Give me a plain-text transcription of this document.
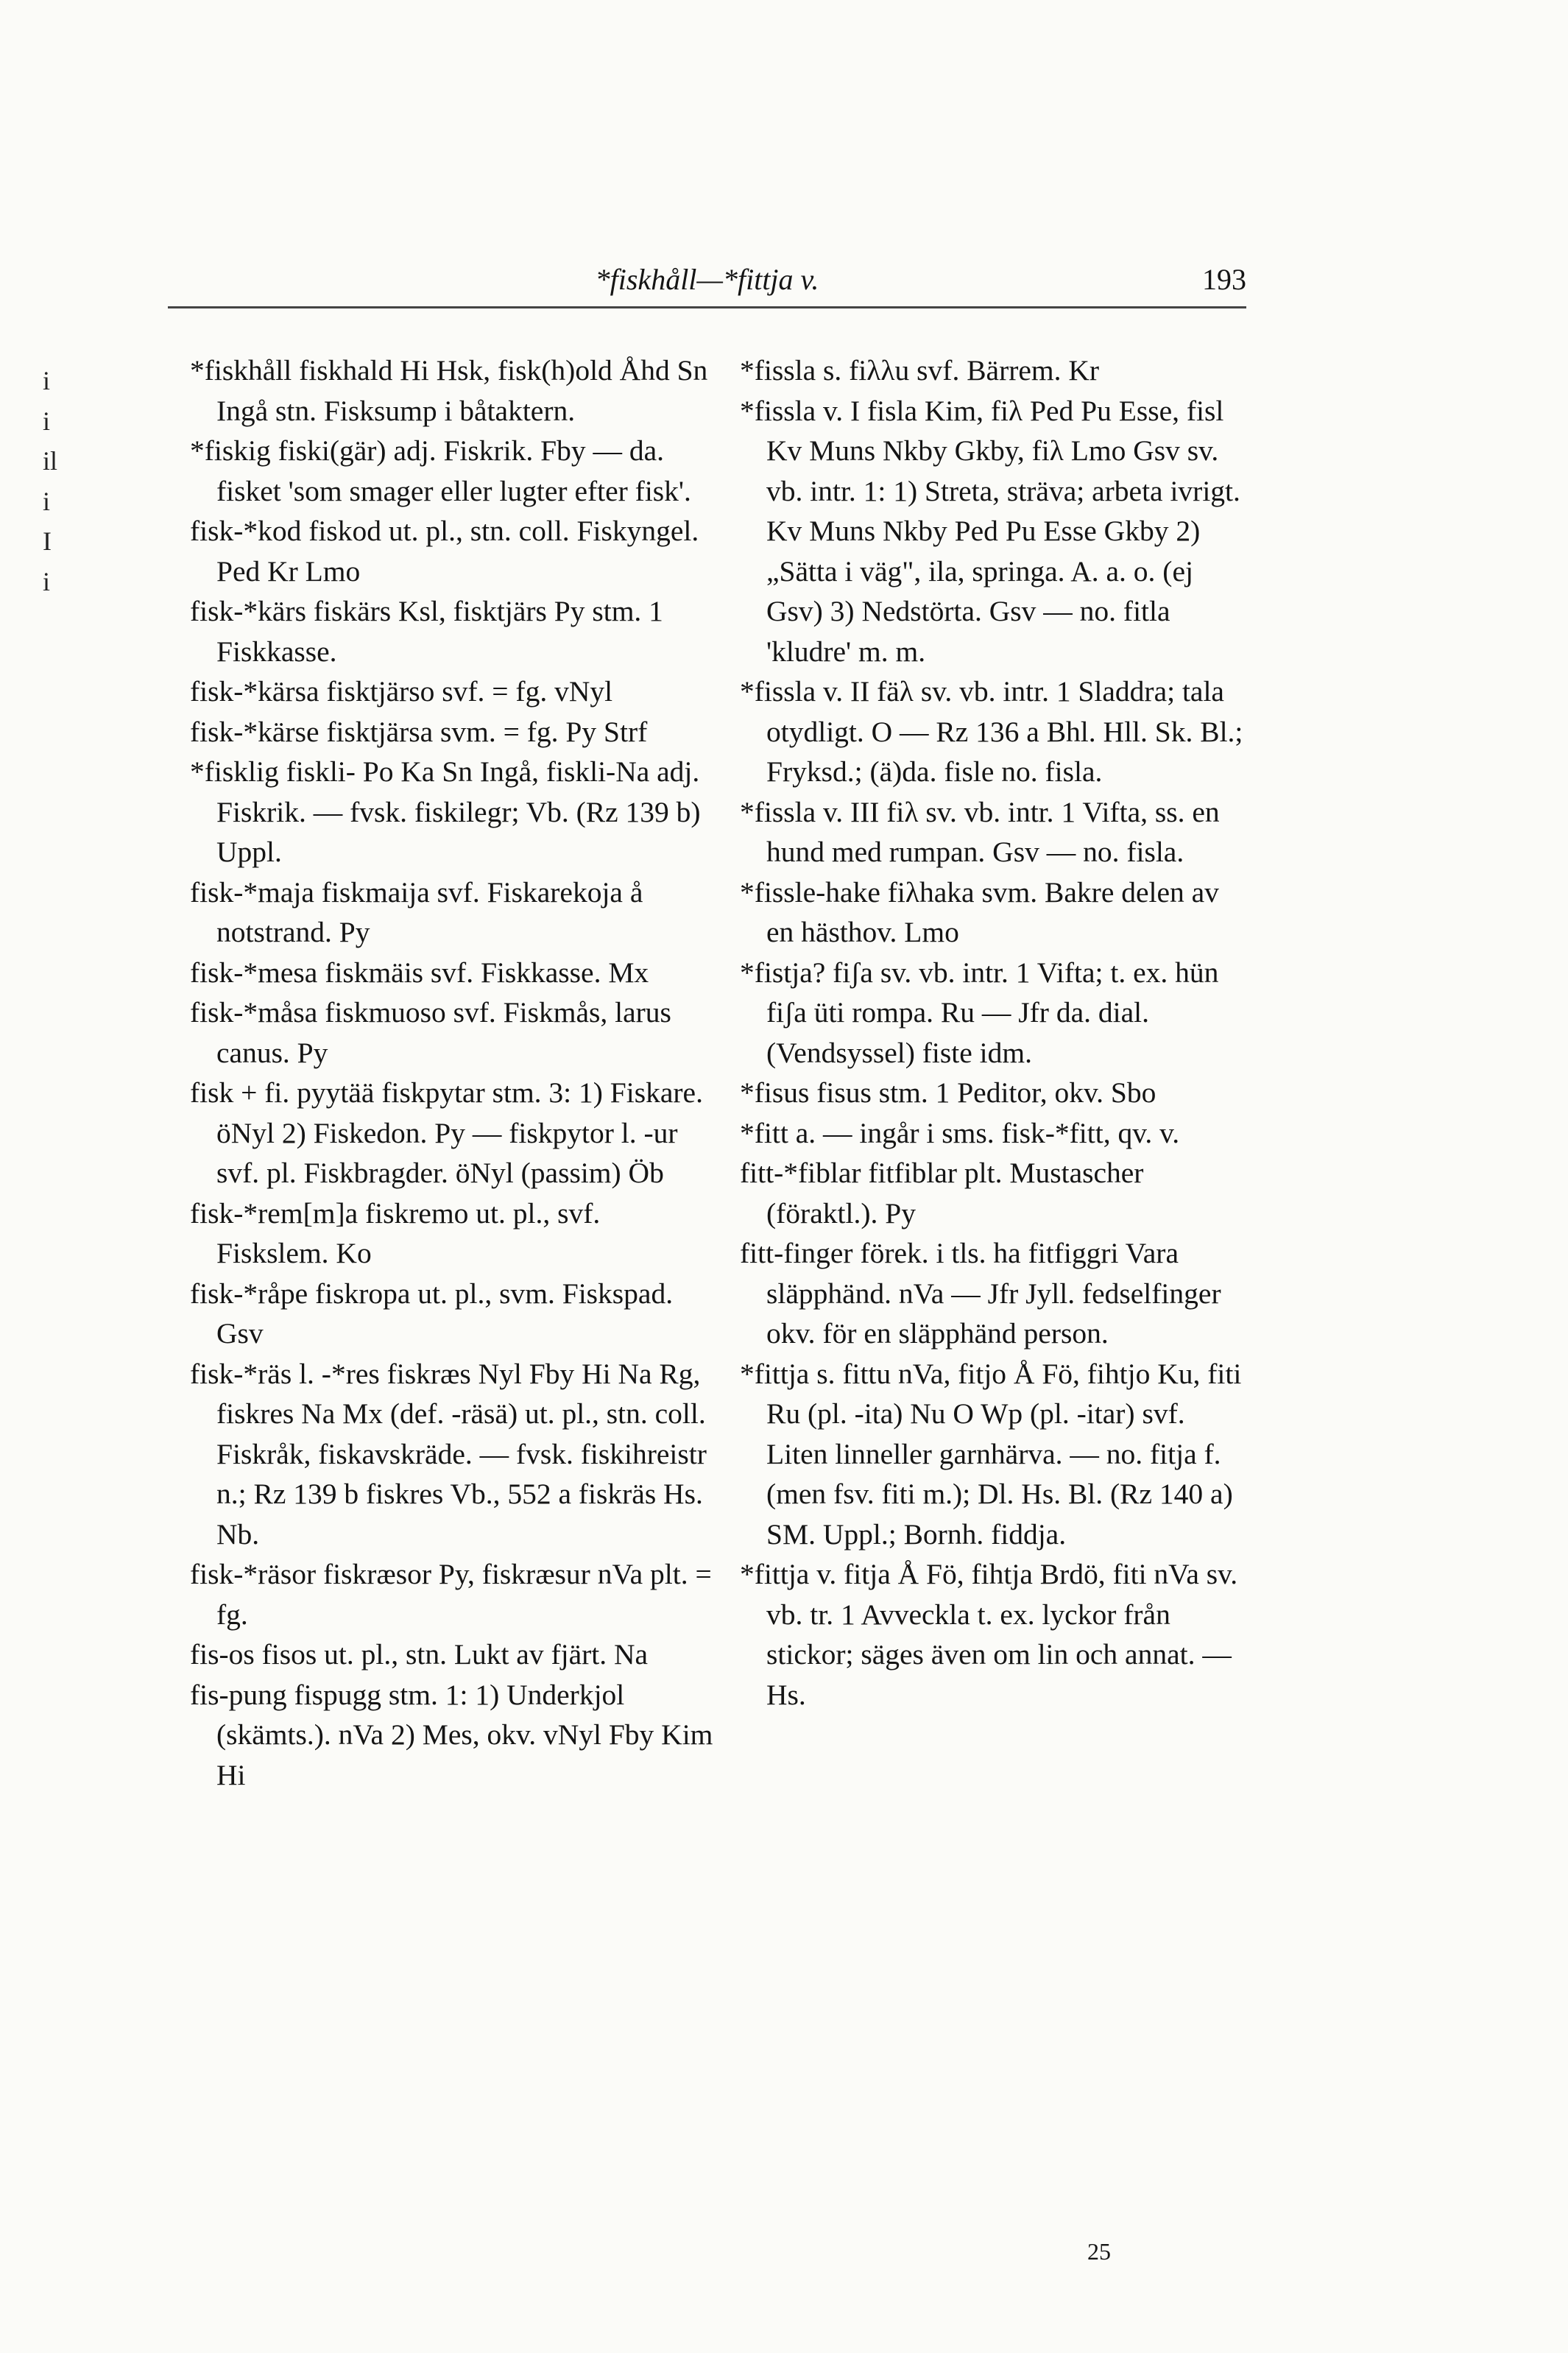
*fiskhåll—*fittja v.	193
i
i
il
i
I
i

*fiskhåll fiskhald Hi Hsk, fisk(h)old Åhd Sn Ingå stn. Fisksump i båtaktern.

*fiskig fiski(gär) adj. Fiskrik. Fby — da. fisket 'som smager eller lugter efter fisk'.

fisk-*kod fiskod ut. pl., stn. coll. Fiskyngel. Ped Kr Lmo

fisk-*kärs fiskärs Ksl, fisktjärs Py stm. 1 Fiskkasse.

fisk-*kärsa fisktjärso svf. = fg. vNyl

fisk-*kärse fisktjärsa svm. = fg. Py Strf

*fisklig fiskli- Po Ka Sn Ingå, fiskli-Na adj. Fiskrik. — fvsk. fiskilegr; Vb. (Rz 139 b) Uppl.

fisk-*maja fiskmaija svf. Fiskarekoja å notstrand. Py

fisk-*mesa fiskmäis svf. Fiskkasse. Mx

fisk-*måsa fiskmuoso svf. Fiskmås, larus canus. Py

fisk + fi. pyytää fiskpytar stm. 3: 1) Fiskare. öNyl 2) Fiskedon. Py — fiskpytor l. -ur svf. pl. Fiskbragder. öNyl (passim) Öb

fisk-*rem[m]a fiskremo ut. pl., svf. Fiskslem. Ko

fisk-*råpe fiskropa ut. pl., svm. Fiskspad. Gsv

fisk-*räs l. -*res fiskræs Nyl Fby Hi Na Rg, fiskres Na Mx (def. -räsä) ut. pl., stn. coll. Fiskråk, fiskavskräde. — fvsk. fiskihreistr n.; Rz 139 b fiskres Vb., 552 a fiskräs Hs. Nb.

fisk-*räsor fiskræsor Py, fiskræsur nVa plt. = fg.

fis-os fisos ut. pl., stn. Lukt av fjärt. Na

fis-pung fispugg stm. 1: 1) Underkjol (skämts.). nVa 2) Mes, okv. vNyl Fby Kim Hi

*fissla s. fiλλu svf. Bärrem. Kr

*fissla v. I fisla Kim, fiλ Ped Pu Esse, fisl Kv Muns Nkby Gkby, fiλ Lmo Gsv sv. vb. intr. 1: 1) Streta, sträva; arbeta ivrigt. Kv Muns Nkby Ped Pu Esse Gkby 2) „Sätta i väg", ila, springa. A. a. o. (ej Gsv) 3) Nedstörta. Gsv — no. fitla 'kludre' m. m.

*fissla v. II fäλ sv. vb. intr. 1 Sladdra; tala otydligt. O — Rz 136 a Bhl. Hll. Sk. Bl.; Fryksd.; (ä)da. fisle no. fisla.

*fissla v. III fiλ sv. vb. intr. 1 Vifta, ss. en hund med rumpan. Gsv — no. fisla.

*fissle-hake fiλhaka svm. Bakre delen av en hästhov. Lmo

*fistja? fiʃa sv. vb. intr. 1 Vifta; t. ex. hün fiʃa üti rompa. Ru — Jfr da. dial. (Vendsyssel) fiste idm.

*fisus fisus stm. 1 Peditor, okv. Sbo

*fitt a. — ingår i sms. fisk-*fitt, qv. v.

fitt-*fiblar fitfiblar plt. Mustascher (föraktl.). Py

fitt-finger förek. i tls. ha fitfiggri Vara släpphänd. nVa — Jfr Jyll. fedselfinger okv. för en släpphänd person.

*fittja s. fittu nVa, fitjo Å Fö, fihtjo Ku, fiti Ru (pl. -ita) Nu O Wp (pl. -itar) svf. Liten linneller garnhärva. — no. fitja f. (men fsv. fiti m.); Dl. Hs. Bl. (Rz 140 a) SM. Uppl.; Bornh. fiddja.

*fittja v. fitja Å Fö, fihtja Brdö, fiti nVa sv. vb. tr. 1 Avveckla t. ex. lyckor från stickor; säges även om lin och annat. — Hs.

25
